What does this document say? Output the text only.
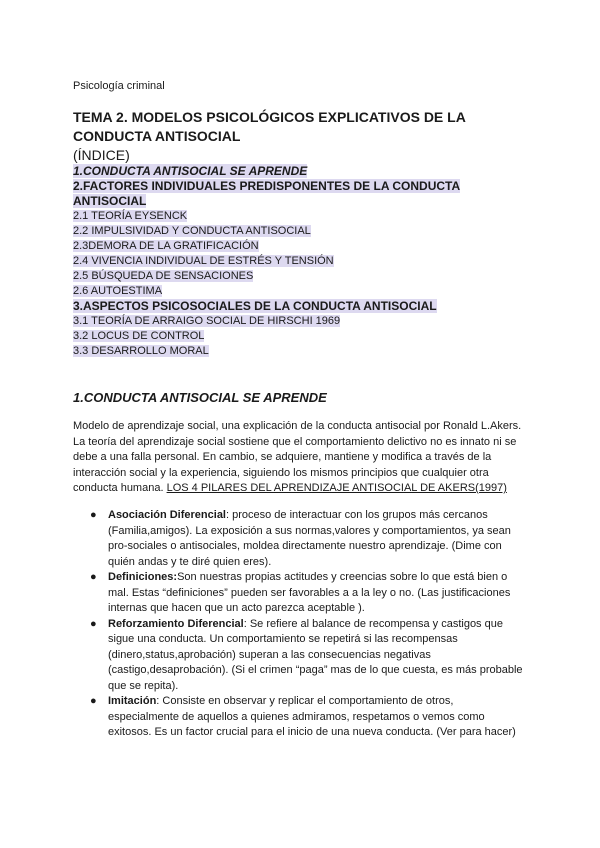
Psicología criminal
TEMA 2. MODELOS PSICOLÓGICOS EXPLICATIVOS DE LA CONDUCTA ANTISOCIAL
(ÍNDICE)
1.CONDUCTA ANTISOCIAL SE APRENDE
2.FACTORES INDIVIDUALES PREDISPONENTES DE LA CONDUCTA ANTISOCIAL
2.1 TEORÍA EYSENCK
2.2 IMPULSIVIDAD Y CONDUCTA ANTISOCIAL
2.3DEMORA DE LA GRATIFICACIÓN
2.4 VIVENCIA INDIVIDUAL DE ESTRÉS Y TENSIÓN
2.5 BÚSQUEDA DE SENSACIONES
2.6 AUTOESTIMA
3.ASPECTOS PSICOSOCIALES DE LA CONDUCTA ANTISOCIAL
3.1 TEORÍA DE ARRAIGO SOCIAL DE HIRSCHI 1969
3.2 LOCUS DE CONTROL
3.3 DESARROLLO MORAL
1.CONDUCTA ANTISOCIAL SE APRENDE
Modelo de aprendizaje social, una explicación de la conducta antisocial por Ronald L.Akers. La teoría del aprendizaje social sostiene que el comportamiento delictivo no es innato ni se debe a una falla personal. En cambio, se adquiere, mantiene y modifica a través de la interacción social y la experiencia, siguiendo los mismos principios que cualquier otra conducta humana. LOS 4 PILARES DEL APRENDIZAJE ANTISOCIAL DE AKERS(1997)
● Asociación Diferencial: proceso de interactuar con los grupos más cercanos (Familia,amigos). La exposición a sus normas,valores y comportamientos, ya sean pro-sociales o antisociales, moldea directamente nuestro aprendizaje. (Dime con quién andas y te diré quien eres).
● Definiciones:Son nuestras propias actitudes y creencias sobre lo que está bien o mal. Estas “definiciones” pueden ser favorables a a la ley o no. (Las justificaciones internas que hacen que un acto parezca aceptable ).
● Reforzamiento Diferencial: Se refiere al balance de recompensa y castigos que sigue una conducta. Un comportamiento se repetirá si las recompensas (dinero,status,aprobación) superan a las consecuencias negativas (castigo,desaprobación). (Si el crimen “paga” mas de lo que cuesta, es más probable que se repita).
● Imitación: Consiste en observar y replicar el comportamiento de otros, especialmente de aquellos a quienes admiramos, respetamos o vemos como exitosos. Es un factor crucial para el inicio de una nueva conducta. (Ver para hacer)
